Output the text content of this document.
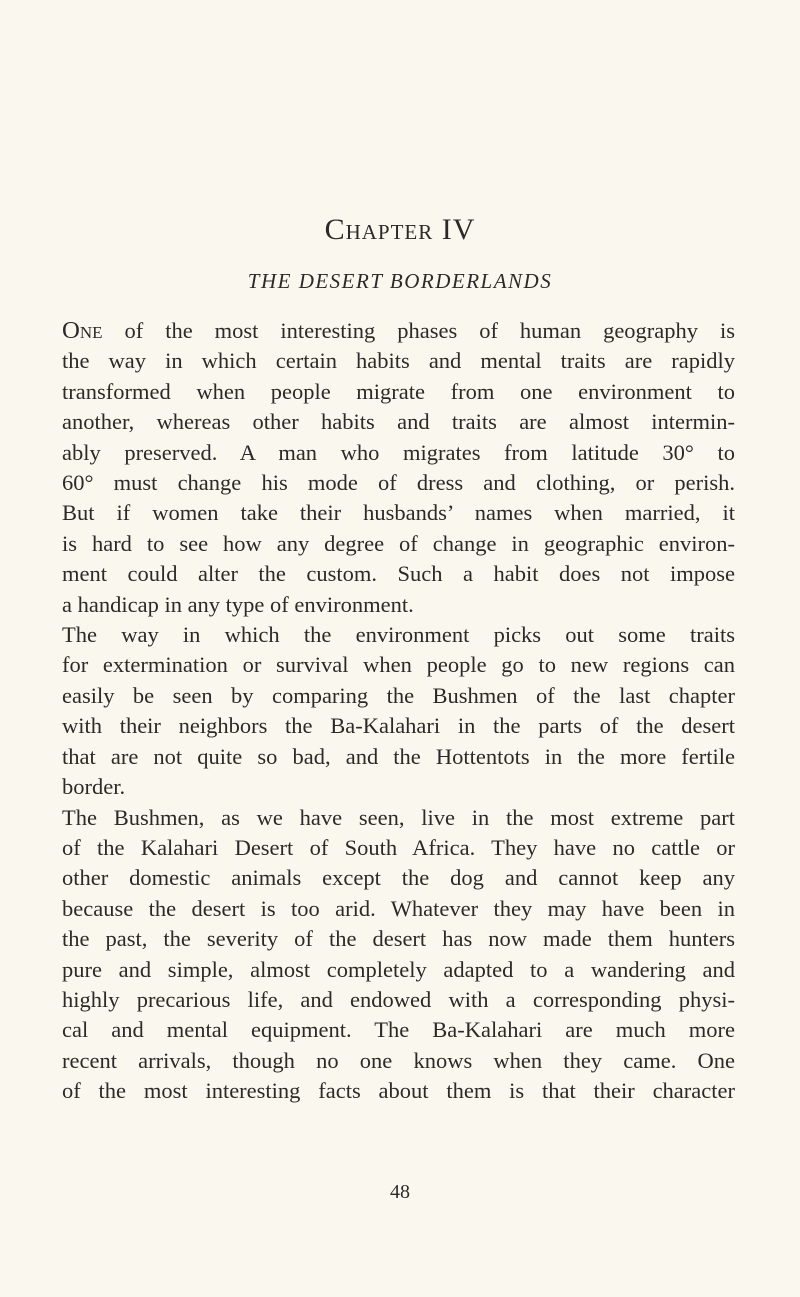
Chapter IV
THE DESERT BORDERLANDS
One of the most interesting phases of human geography is
the way in which certain habits and mental traits are rapidly
transformed when people migrate from one environment to
another, whereas other habits and traits are almost intermin-
ably preserved. A man who migrates from latitude 30° to
60° must change his mode of dress and clothing, or perish.
But if women take their husbands’ names when married, it
is hard to see how any degree of change in geographic environ-
ment could alter the custom. Such a habit does not impose
a handicap in any type of environment.
The way in which the environment picks out some traits
for extermination or survival when people go to new regions can
easily be seen by comparing the Bushmen of the last chapter
with their neighbors the Ba-Kalahari in the parts of the desert
that are not quite so bad, and the Hottentots in the more fertile
border.
The Bushmen, as we have seen, live in the most extreme part
of the Kalahari Desert of South Africa. They have no cattle or
other domestic animals except the dog and cannot keep any
because the desert is too arid. Whatever they may have been in
the past, the severity of the desert has now made them hunters
pure and simple, almost completely adapted to a wandering and
highly precarious life, and endowed with a corresponding physi-
cal and mental equipment. The Ba-Kalahari are much more
recent arrivals, though no one knows when they came. One
of the most interesting facts about them is that their character
48
